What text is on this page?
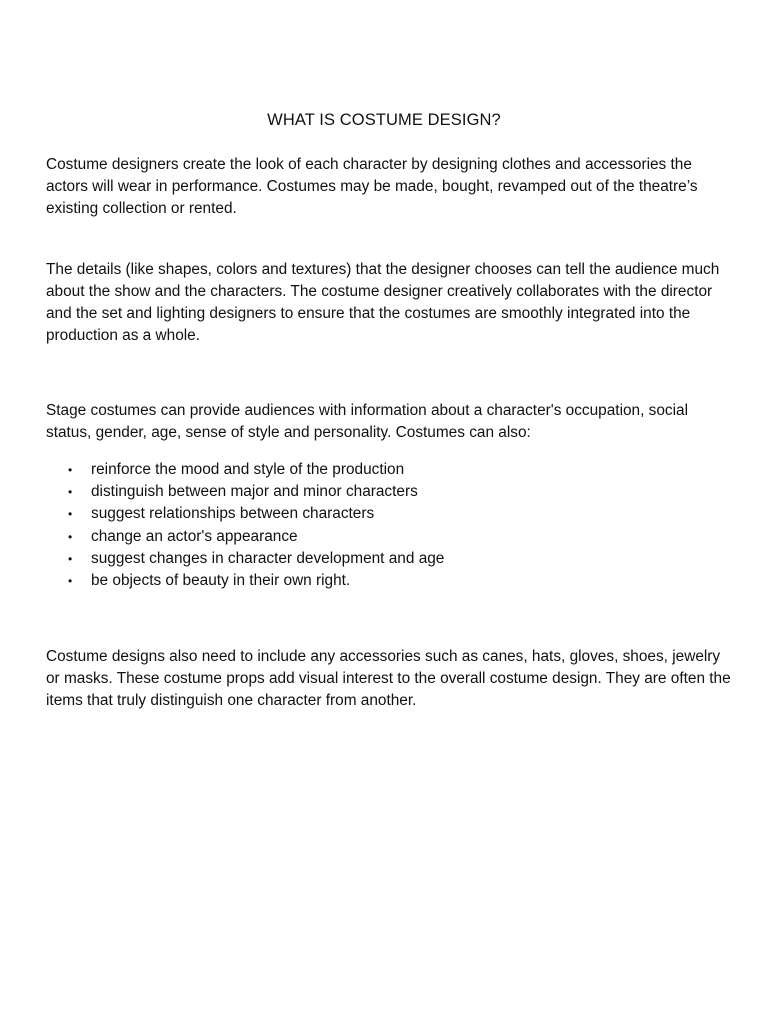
WHAT IS COSTUME DESIGN?

Costume designers create the look of each character by designing clothes and accessories the actors will wear in performance. Costumes may be made, bought, revamped out of the theatre’s existing collection or rented.

The details (like shapes, colors and textures) that the designer chooses can tell the audience much about the show and the characters. The costume designer creatively collaborates with the director and the set and lighting designers to ensure that the costumes are smoothly integrated into the production as a whole.

Stage costumes can provide audiences with information about a character's occupation, social status, gender, age, sense of style and personality. Costumes can also:

• reinforce the mood and style of the production
• distinguish between major and minor characters
• suggest relationships between characters
• change an actor's appearance
• suggest changes in character development and age
• be objects of beauty in their own right.

Costume designs also need to include any accessories such as canes, hats, gloves, shoes, jewelry or masks. These costume props add visual interest to the overall costume design. They are often the items that truly distinguish one character from another.
